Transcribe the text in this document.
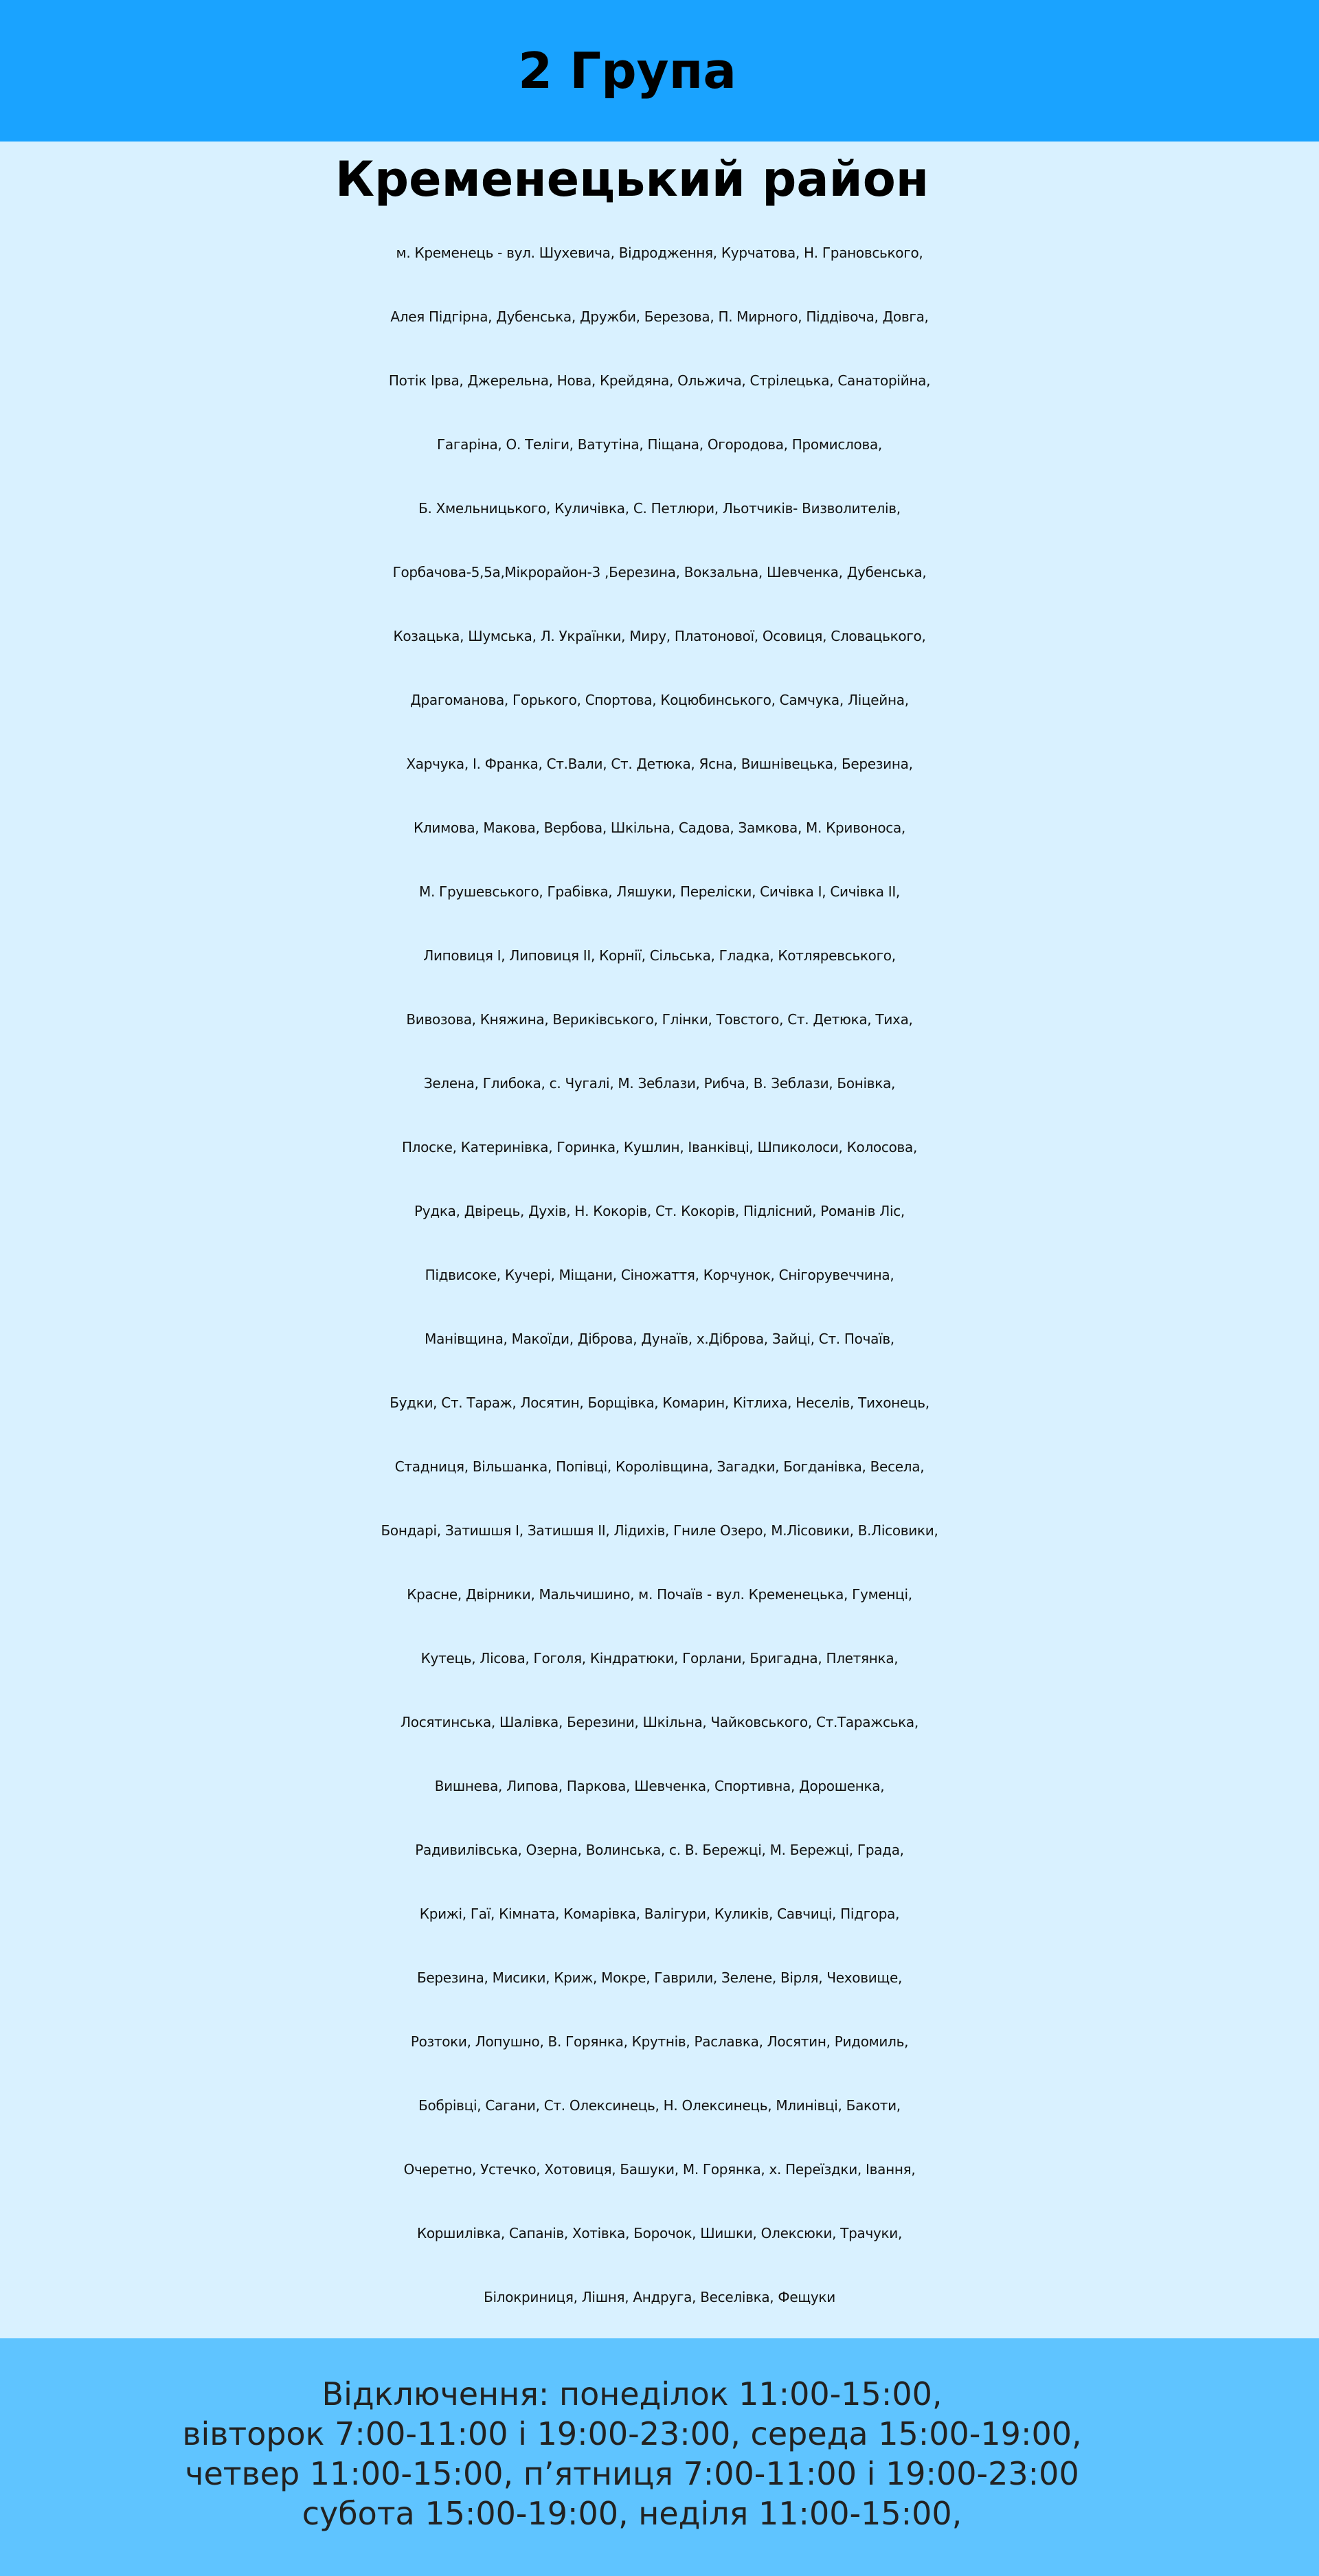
2 Група
Кременецький район
м. Кременець - вул. Шухевича, Відродження, Курчатова, Н. Грановського,
Алея Підгірна, Дубенська, Дружби, Березова, П. Мирного, Піддівоча, Довга,
Потік Ірва, Джерельна, Нова, Крейдяна, Ольжича, Стрілецька, Санаторійна,
Гагаріна, О. Теліги, Ватутіна, Піщана, Огородова, Промислова,
Б. Хмельницького, Куличівка, С. Петлюри, Льотчиків- Визволителів,
Горбачова-5,5а,Мікрорайон-3 ,Березина, Вокзальна, Шевченка, Дубенська,
Козацька, Шумська, Л. Українки, Миру, Платонової, Осовиця, Словацького,
Драгоманова, Горького, Спортова, Коцюбинського, Самчука, Ліцейна,
Харчука, І. Франка, Ст.Вали, Ст. Детюка, Ясна, Вишнівецька, Березина,
Климова, Макова, Вербова, Шкільна, Садова, Замкова, М. Кривоноса,
М. Грушевського, Грабівка, Ляшуки, Перелiски, Сичiвка I, Сичiвка II,
Липовиця I, Липовиця II, Корнiї, Сiльська, Гладка, Котляревського,
Вивозова, Княжина, Верикiвського, Глiнки, Товстого, Ст. Детюка, Тиха,
Зелена, Глибока, с. Чугалi, М. Зеблази, Рибча, В. Зеблази, Бонiвка,
Плоске, Катеринiвка, Горинка, Кушлин, Iванкiвцi, Шпиколоси, Колосова,
Рудка, Двiрець, Духiв, Н. Кокорiв, Ст. Кокорiв, Пiдлiсний, Романiв Лiс,
Пiдвисоке, Кучерi, Мiщани, Сiножаття, Корчунок, Снiгорувеччина,
Манiвщина, Макоїди, Дiброва, Дунаїв, х.Дiброва, Зайцi, Ст. Почаїв,
Будки, Ст. Тараж, Лосятин, Борщiвка, Комарин, Кiтлиха, Неселiв, Тихонець,
Стадниця, Вiльшанка, Попiвцi, Королiвщина, Загадки, Богданiвка, Весела,
Бондарi, Затишшя I, Затишшя II, Лiдихiв, Гниле Озеро, М.Лiсовики, В.Лiсовики,
Красне, Двiрники, Мальчишино, м. Почаїв - вул. Кременецька, Гуменцi,
Кутець, Лiсова, Гоголя, Кiндратюки, Горлани, Бригадна, Плетянка,
Лосятинська, Шалiвка, Березини, Шкiльна, Чайковського, Ст.Таражська,
Вишнева, Липова, Паркова, Шевченка, Спортивна, Дорошенка,
Радивилiвська, Озерна, Волинська, с. В. Бережцi, М. Бережцi, Града,
Крижi, Гаї, Кiмната, Комарiвка, Валiгури, Куликiв, Савчицi, Пiдгора,
Березина, Мисики, Криж, Мокре, Гаврили, Зелене, Вiрля, Чеховище,
Розтоки, Лопушно, В. Горянка, Крутнiв, Раславка, Лосятин, Ридомиль,
Бобрiвцi, Сагани, Ст. Олексинець, Н. Олексинець, Млинiвцi, Бакоти,
Очеретно, Устечко, Хотовиця, Башуки, М. Горянка, х. Переїздки, Iвання,
Коршилiвка, Сапанiв, Хотiвка, Борочок, Шишки, Олексюки, Трачуки,
Бiлокриниця, Лiшня, Андруга, Веселiвка, Фещуки
Відключення: понеділок 11:00-15:00,
вівторок 7:00-11:00 і 19:00-23:00, середа 15:00-19:00,
четвер 11:00-15:00, п’ятниця 7:00-11:00 і 19:00-23:00
субота 15:00-19:00, неділя 11:00-15:00,
